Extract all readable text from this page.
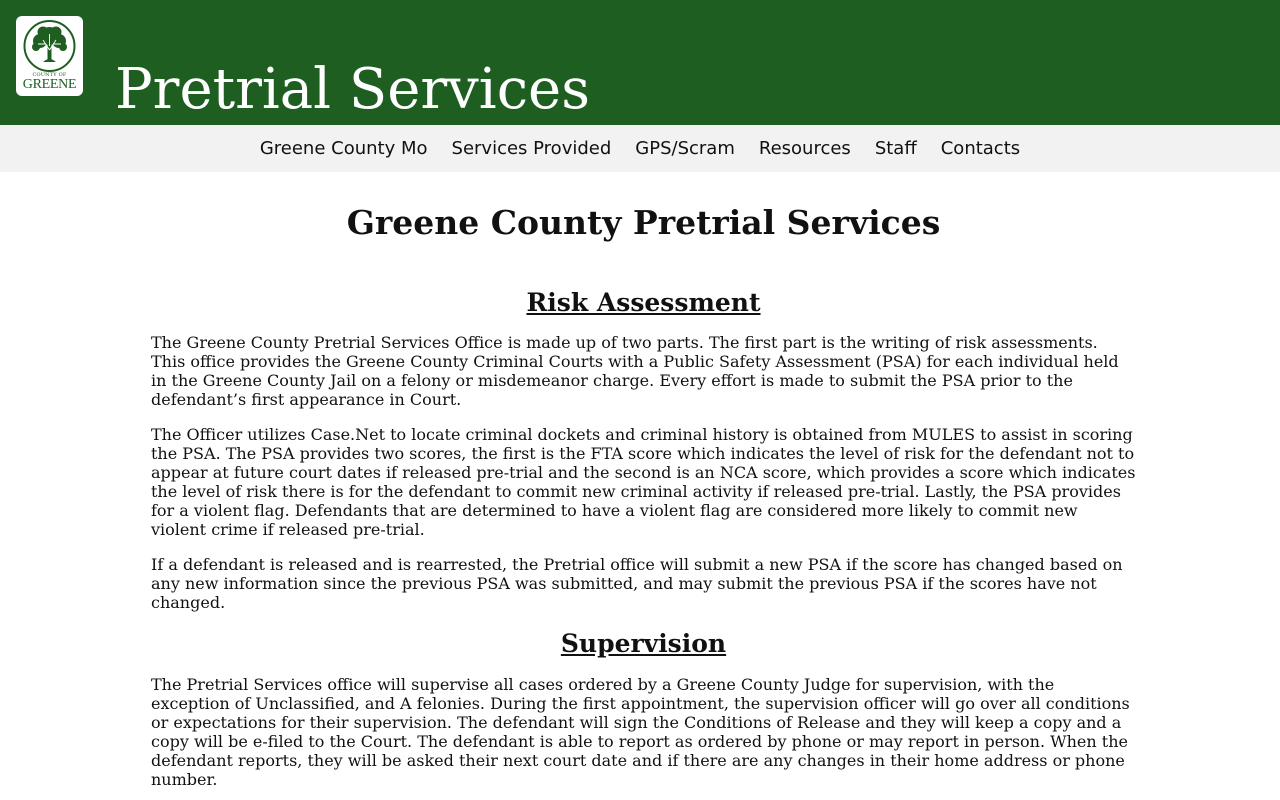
COUNTY OF
GREENE Pretrial Services
Greene County Mo	Services Provided	GPS/Scram	Resources	Staff	Contacts
Greene County Pretrial Services
Risk Assessment

The Greene County Pretrial Services Office is made up of two parts. The first part is the writing of risk assessments. This office provides the Greene County Criminal Courts with a Public Safety Assessment (PSA) for each individual held in the Greene County Jail on a felony or misdemeanor charge. Every effort is made to submit the PSA prior to the defendant’s first appearance in Court.

The Officer utilizes Case.Net to locate criminal dockets and criminal history is obtained from MULES to assist in scoring the PSA. The PSA provides two scores, the first is the FTA score which indicates the level of risk for the defendant not to appear at future court dates if released pre-trial and the second is an NCA score, which provides a score which indicates the level of risk there is for the defendant to commit new criminal activity if released pre-trial. Lastly, the PSA provides for a violent flag. Defendants that are determined to have a violent flag are considered more likely to commit new violent crime if released pre-trial.

If a defendant is released and is rearrested, the Pretrial office will submit a new PSA if the score has changed based on any new information since the previous PSA was submitted, and may submit the previous PSA if the scores have not changed.

Supervision

The Pretrial Services office will supervise all cases ordered by a Greene County Judge for supervision, with the exception of Unclassified, and A felonies. During the first appointment, the supervision officer will go over all conditions or expectations for their supervision. The defendant will sign the Conditions of Release and they will keep a copy and a copy will be e-filed to the Court. The defendant is able to report as ordered by phone or may report in person. When the defendant reports, they will be asked their next court date and if there are any changes in their home address or phone number.
